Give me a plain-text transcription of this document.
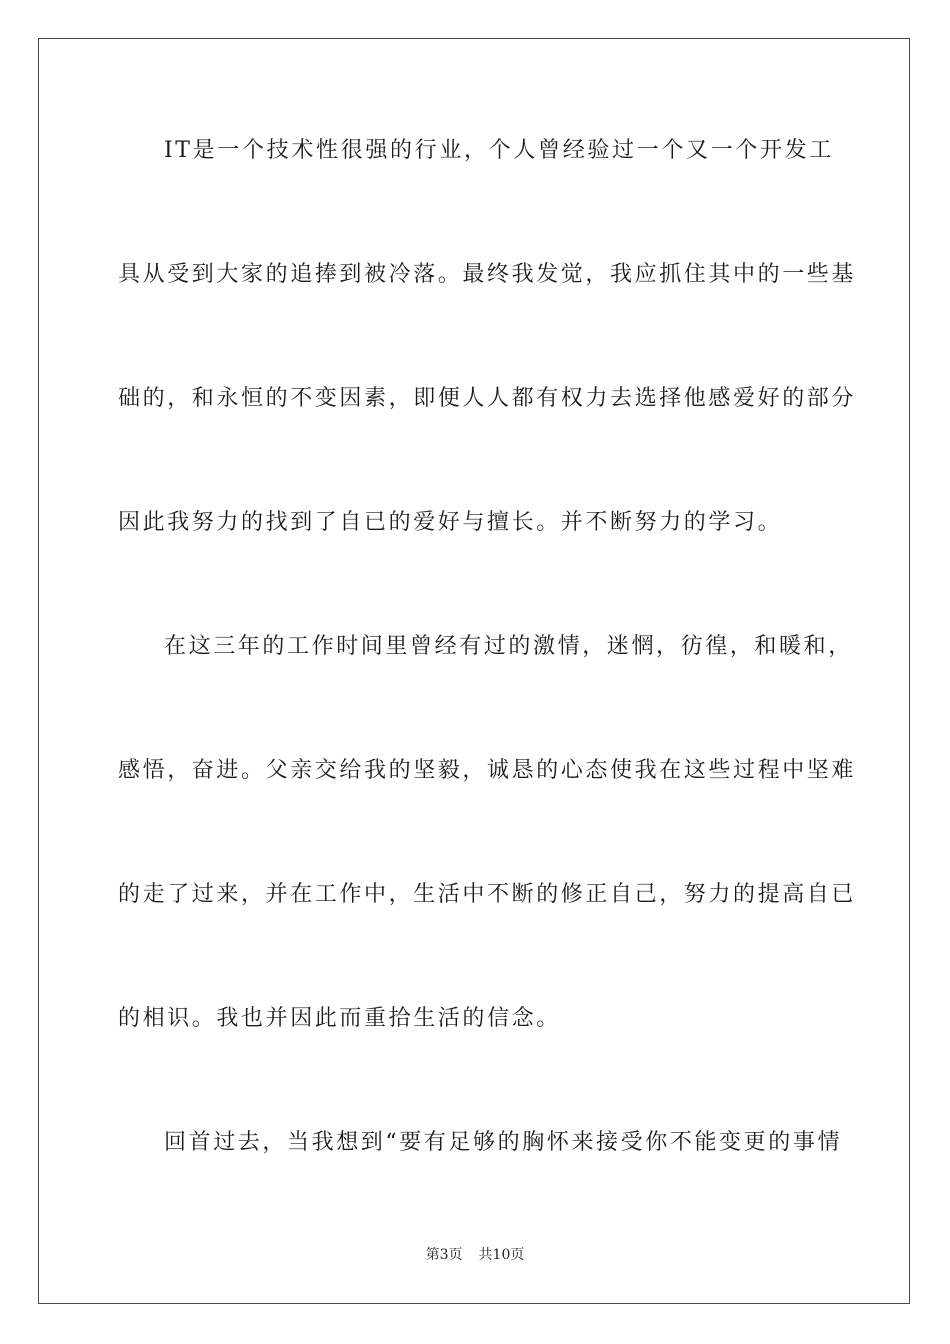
IT是一个技术性很强的行业，个人曾经验过一个又一个开发工
具从受到大家的追捧到被冷落。最终我发觉，我应抓住其中的一些基
础的，和永恒的不变因素，即便人人都有权力去选择他感爱好的部分
因此我努力的找到了自已的爱好与擅长。并不断努力的学习。
在这三年的工作时间里曾经有过的激情，迷惘，彷徨，和暖和，
感悟，奋进。父亲交给我的坚毅，诚恳的心态使我在这些过程中坚难
的走了过来，并在工作中，生活中不断的修正自己，努力的提高自已
的相识。我也并因此而重拾生活的信念。
回首过去，当我想到“要有足够的胸怀来接受你不能变更的事情
第3页 共10页
